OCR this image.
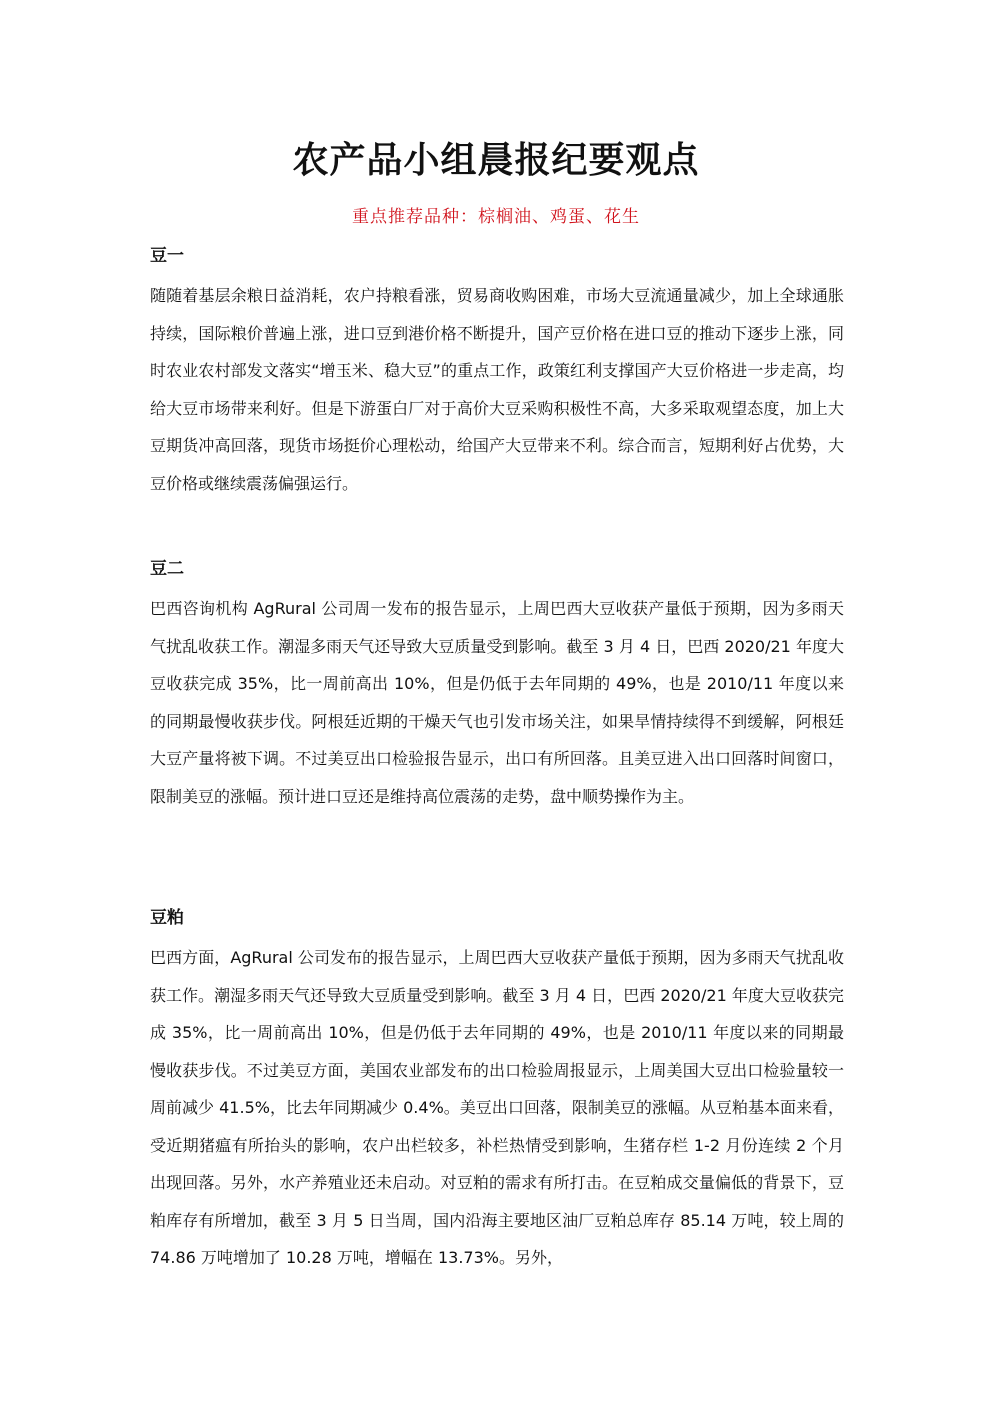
农产品小组晨报纪要观点
重点推荐品种：棕榈油、鸡蛋、花生
豆一

随随着基层余粮日益消耗，农户持粮看涨，贸易商收购困难，市场大豆流通量减少，加上全球通胀持续，国际粮价普遍上涨，进口豆到港价格不断提升，国产豆价格在进口豆的推动下逐步上涨，同时农业农村部发文落实“增玉米、稳大豆”的重点工作，政策红利支撑国产大豆价格进一步走高，均给大豆市场带来利好。但是下游蛋白厂对于高价大豆采购积极性不高，大多采取观望态度，加上大豆期货冲高回落，现货市场挺价心理松动，给国产大豆带来不利。综合而言，短期利好占优势，大豆价格或继续震荡偏强运行。

豆二

巴西咨询机构 AgRural 公司周一发布的报告显示，上周巴西大豆收获产量低于预期，因为多雨天气扰乱收获工作。潮湿多雨天气还导致大豆质量受到影响。截至 3 月 4 日，巴西 2020/21 年度大豆收获完成 35%，比一周前高出 10%，但是仍低于去年同期的 49%，也是 2010/11 年度以来的同期最慢收获步伐。阿根廷近期的干燥天气也引发市场关注，如果旱情持续得不到缓解，阿根廷大豆产量将被下调。不过美豆出口检验报告显示，出口有所回落。且美豆进入出口回落时间窗口，限制美豆的涨幅。预计进口豆还是维持高位震荡的走势，盘中顺势操作为主。

豆粕

巴西方面，AgRural 公司发布的报告显示，上周巴西大豆收获产量低于预期，因为多雨天气扰乱收获工作。潮湿多雨天气还导致大豆质量受到影响。截至 3 月 4 日，巴西 2020/21 年度大豆收获完成 35%，比一周前高出 10%，但是仍低于去年同期的 49%，也是 2010/11 年度以来的同期最慢收获步伐。不过美豆方面，美国农业部发布的出口检验周报显示，上周美国大豆出口检验量较一周前减少 41.5%，比去年同期减少 0.4%。美豆出口回落，限制美豆的涨幅。从豆粕基本面来看，受近期猪瘟有所抬头的影响，农户出栏较多，补栏热情受到影响，生猪存栏 1-2 月份连续 2 个月出现回落。另外，水产养殖业还未启动。对豆粕的需求有所打击。在豆粕成交量偏低的背景下，豆粕库存有所增加，截至 3 月 5 日当周，国内沿海主要地区油厂豆粕总库存 85.14 万吨，较上周的 74.86 万吨增加了 10.28 万吨，增幅在 13.73%。另外，
